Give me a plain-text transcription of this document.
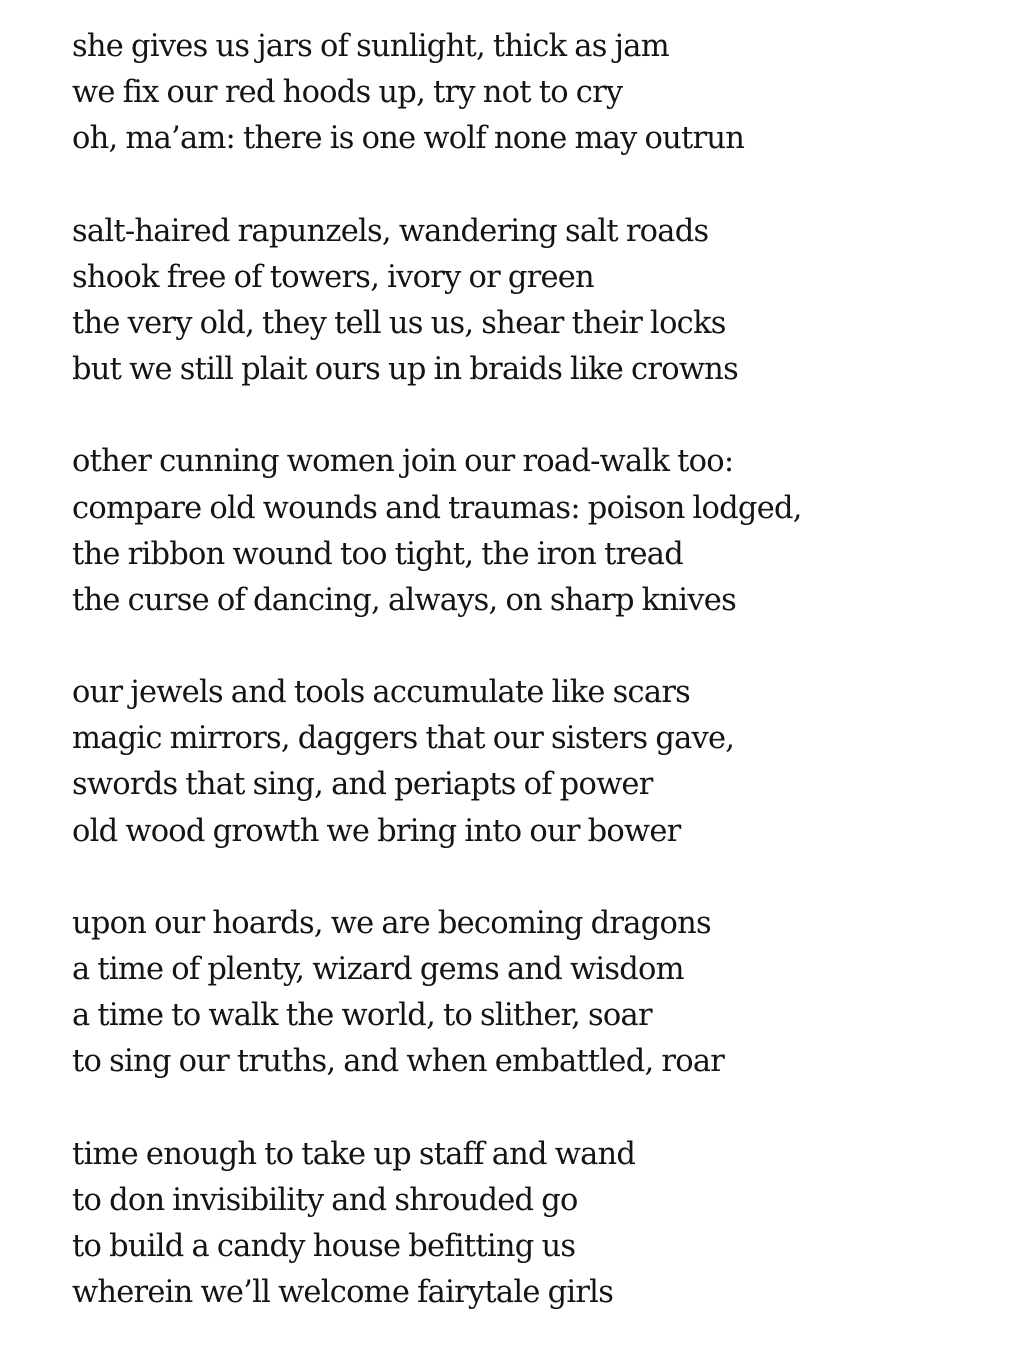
she gives us jars of sunlight, thick as jam
we fix our red hoods up, try not to cry
oh, ma’am: there is one wolf none may outrun
salt-haired rapunzels, wandering salt roads
shook free of towers, ivory or green
the very old, they tell us us, shear their locks
but we still plait ours up in braids like crowns
other cunning women join our road-walk too:
compare old wounds and traumas: poison lodged,
the ribbon wound too tight, the iron tread
the curse of dancing, always, on sharp knives
our jewels and tools accumulate like scars
magic mirrors, daggers that our sisters gave,
swords that sing, and periapts of power
old wood growth we bring into our bower
upon our hoards, we are becoming dragons
a time of plenty, wizard gems and wisdom
a time to walk the world, to slither, soar
to sing our truths, and when embattled, roar
time enough to take up staff and wand
to don invisibility and shrouded go
to build a candy house befitting us
wherein we’ll welcome fairytale girls
